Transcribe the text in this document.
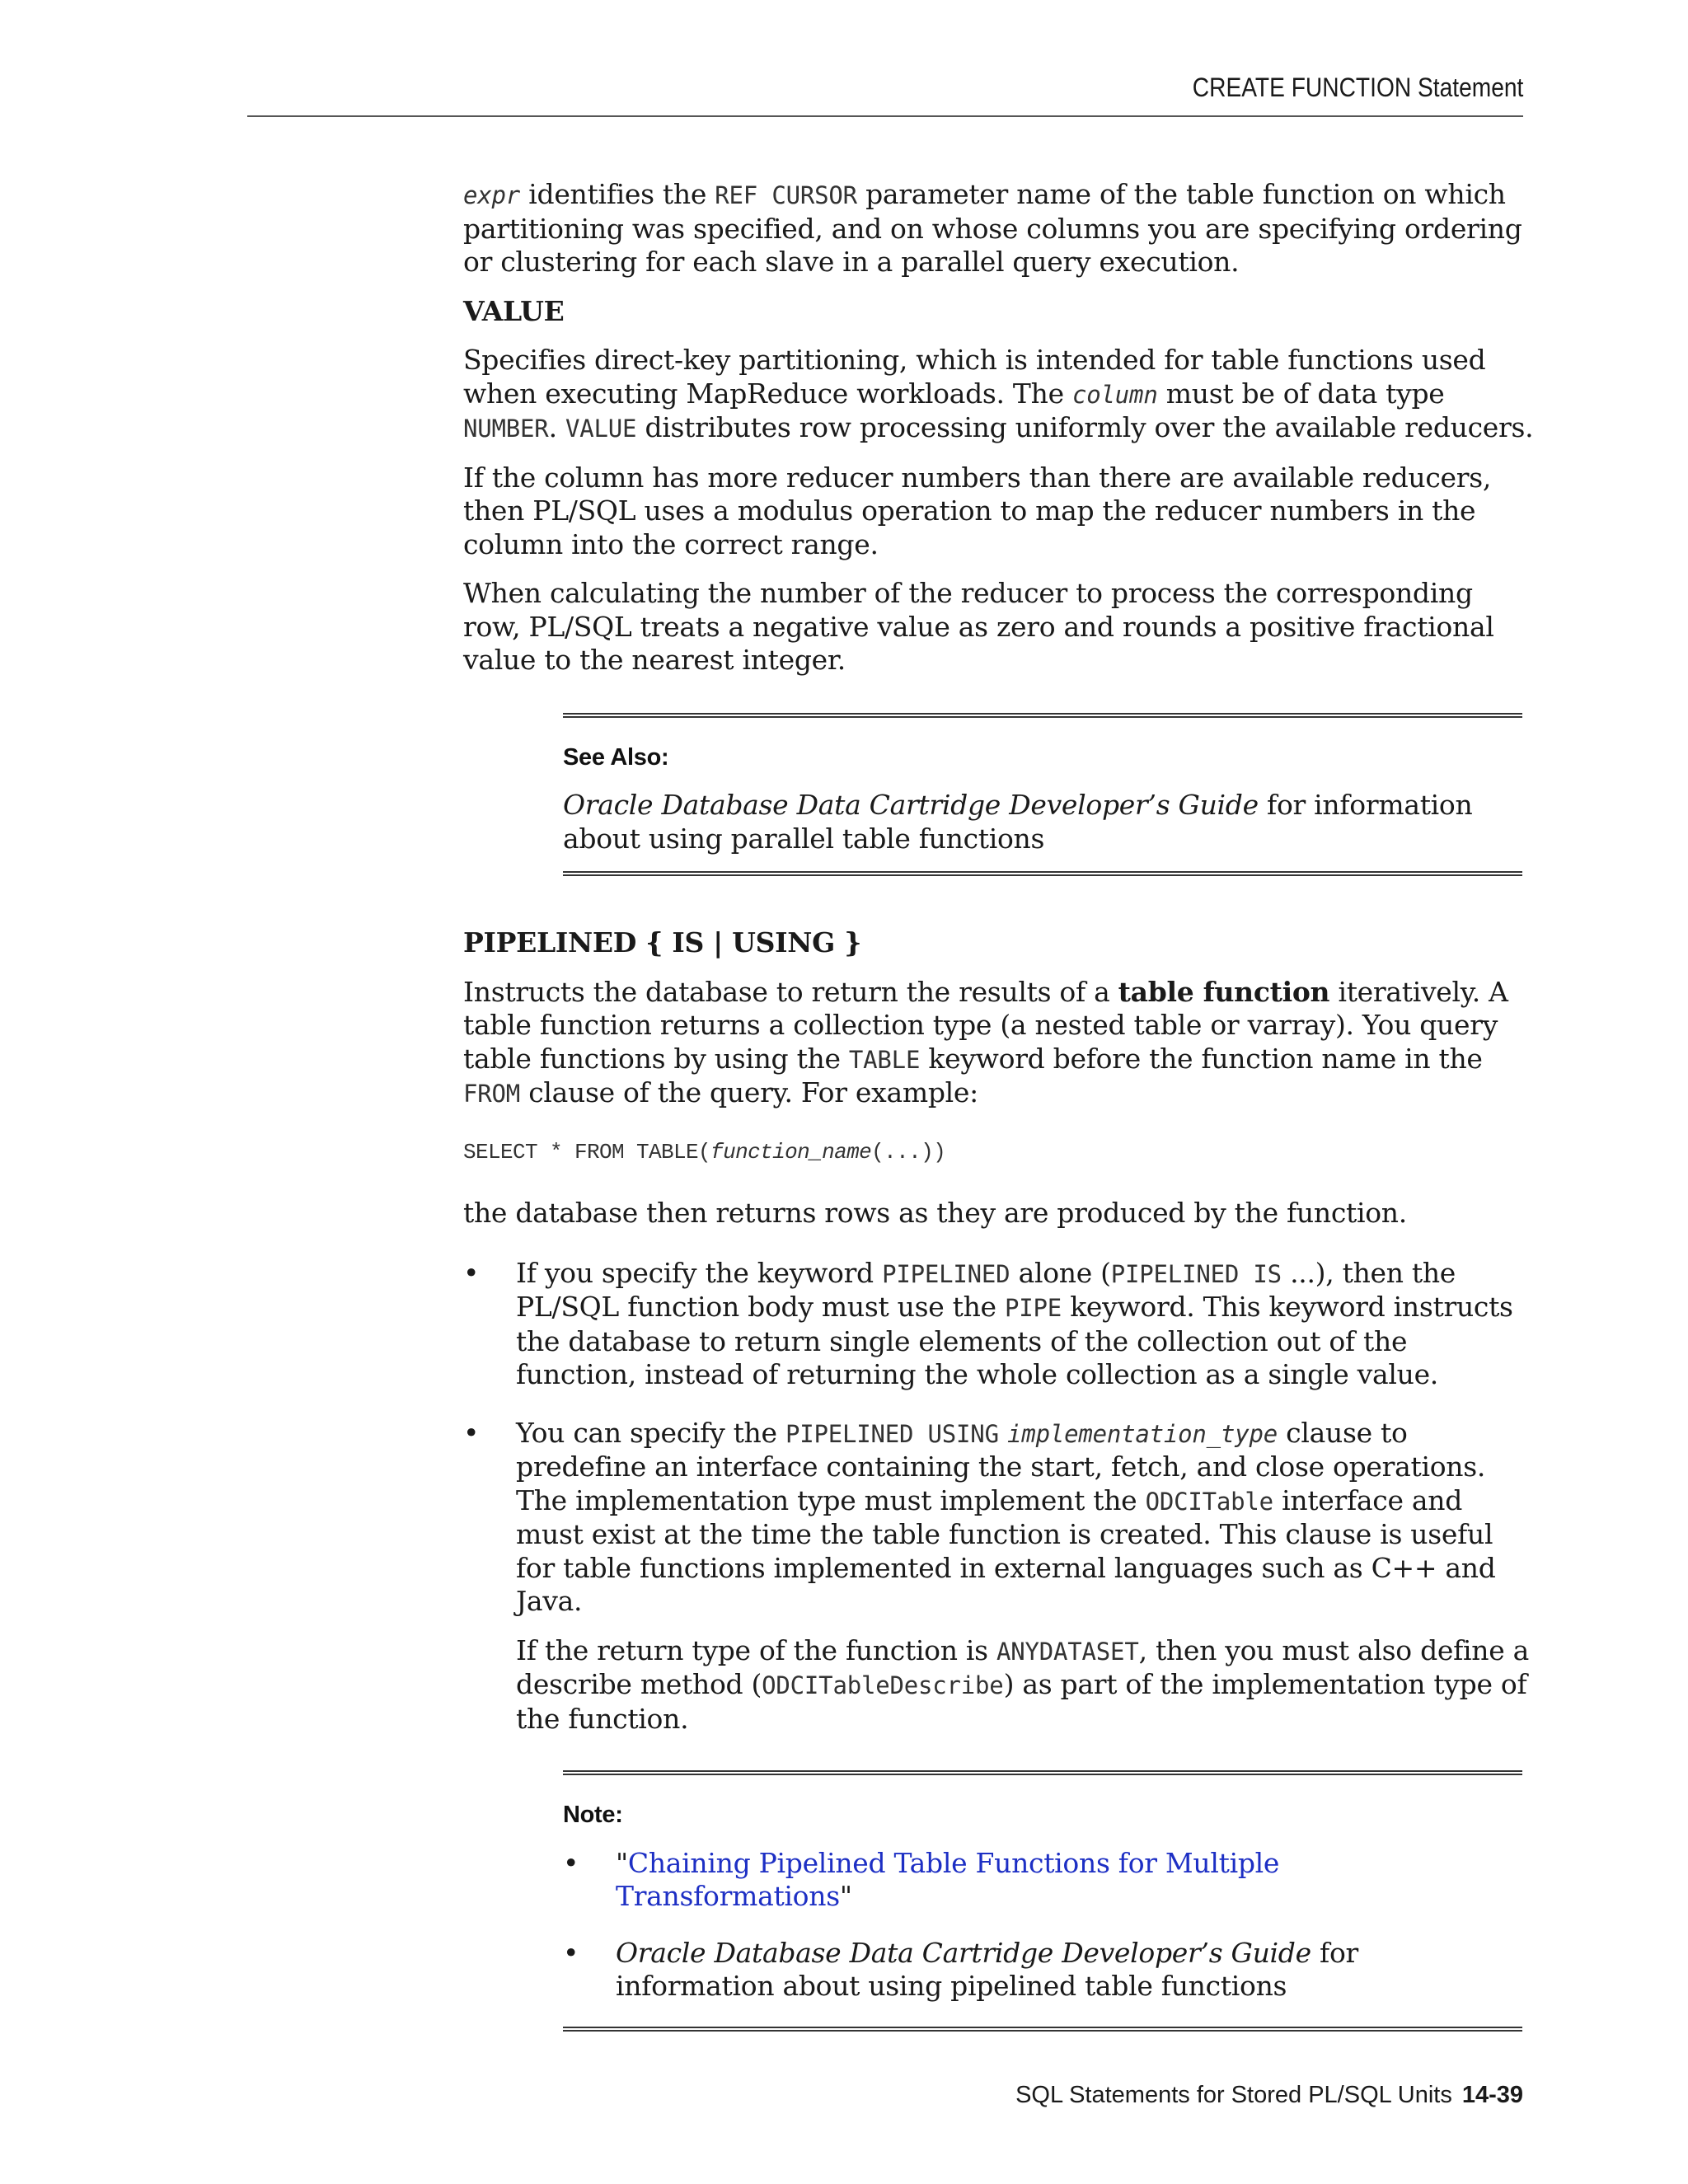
CREATE FUNCTION Statement

expr identifies the REF CURSOR parameter name of the table function on which partitioning was specified, and on whose columns you are specifying ordering or clustering for each slave in a parallel query execution.

VALUE

Specifies direct-key partitioning, which is intended for table functions used when executing MapReduce workloads. The column must be of data type NUMBER. VALUE distributes row processing uniformly over the available reducers.

If the column has more reducer numbers than there are available reducers, then PL/SQL uses a modulus operation to map the reducer numbers in the column into the correct range.

When calculating the number of the reducer to process the corresponding row, PL/SQL treats a negative value as zero and rounds a positive fractional value to the nearest integer.

See Also:

Oracle Database Data Cartridge Developer’s Guide for information about using parallel table functions

PIPELINED { IS | USING }

Instructs the database to return the results of a table function iteratively. A table function returns a collection type (a nested table or varray). You query table functions by using the TABLE keyword before the function name in the FROM clause of the query. For example:

SELECT * FROM TABLE(function_name(...))

the database then returns rows as they are produced by the function.

• If you specify the keyword PIPELINED alone (PIPELINED IS ...), then the PL/SQL function body must use the PIPE keyword. This keyword instructs the database to return single elements of the collection out of the function, instead of returning the whole collection as a single value.

• You can specify the PIPELINED USING implementation_type clause to predefine an interface containing the start, fetch, and close operations. The implementation type must implement the ODCITable interface and must exist at the time the table function is created. This clause is useful for table functions implemented in external languages such as C++ and Java.

If the return type of the function is ANYDATASET, then you must also define a describe method (ODCITableDescribe) as part of the implementation type of the function.

Note:
• "Chaining Pipelined Table Functions for Multiple Transformations"
• Oracle Database Data Cartridge Developer’s Guide for information about using pipelined table functions
SQL Statements for Stored PL/SQL Units 14-39
